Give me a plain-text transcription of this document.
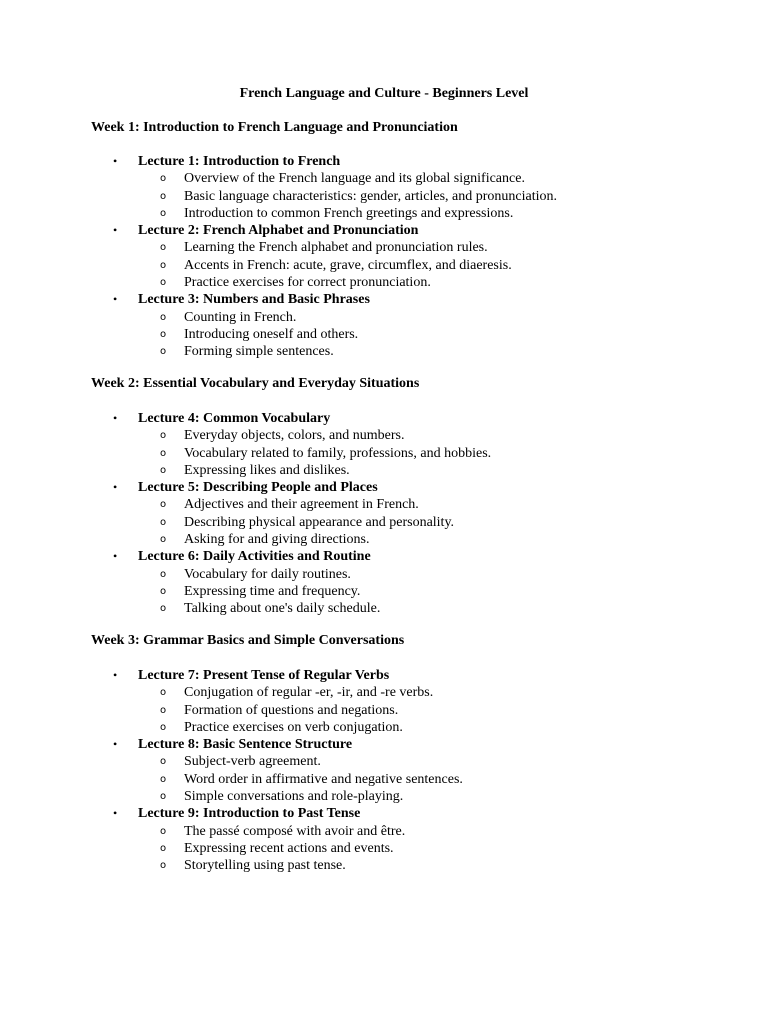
French Language and Culture - Beginners Level
Week 1: Introduction to French Language and Pronunciation
• Lecture 1: Introduction to French
o Overview of the French language and its global significance.
o Basic language characteristics: gender, articles, and pronunciation.
o Introduction to common French greetings and expressions.
• Lecture 2: French Alphabet and Pronunciation
o Learning the French alphabet and pronunciation rules.
o Accents in French: acute, grave, circumflex, and diaeresis.
o Practice exercises for correct pronunciation.
• Lecture 3: Numbers and Basic Phrases
o Counting in French.
o Introducing oneself and others.
o Forming simple sentences.
Week 2: Essential Vocabulary and Everyday Situations
• Lecture 4: Common Vocabulary
o Everyday objects, colors, and numbers.
o Vocabulary related to family, professions, and hobbies.
o Expressing likes and dislikes.
• Lecture 5: Describing People and Places
o Adjectives and their agreement in French.
o Describing physical appearance and personality.
o Asking for and giving directions.
• Lecture 6: Daily Activities and Routine
o Vocabulary for daily routines.
o Expressing time and frequency.
o Talking about one's daily schedule.
Week 3: Grammar Basics and Simple Conversations
• Lecture 7: Present Tense of Regular Verbs
o Conjugation of regular -er, -ir, and -re verbs.
o Formation of questions and negations.
o Practice exercises on verb conjugation.
• Lecture 8: Basic Sentence Structure
o Subject-verb agreement.
o Word order in affirmative and negative sentences.
o Simple conversations and role-playing.
• Lecture 9: Introduction to Past Tense
o The passé composé with avoir and être.
o Expressing recent actions and events.
o Storytelling using past tense.
